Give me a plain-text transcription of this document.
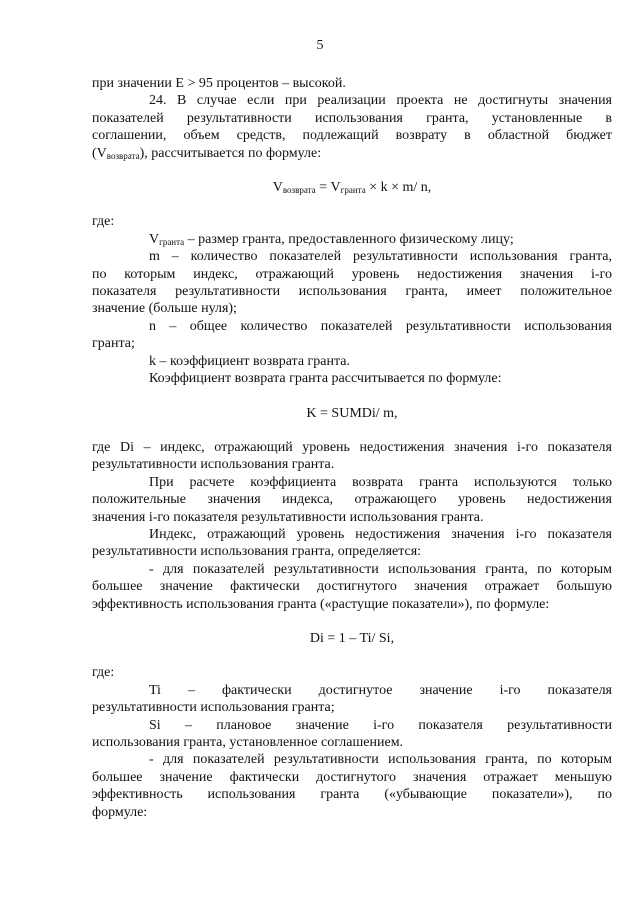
5

при значении E > 95 процентов – высокой.

24. В случае если при реализации проекта не достигнуты значения

показателей результативности использования гранта, установленные в

соглашении, объем средств, подлежащий возврату в областной бюджет

$(V_{возврата})$, рассчитывается по формуле:

$V_{возврата} = V_{гранта} \times k \times m/$ n,

где:

$V_{гранта}$ – размер гранта, предоставленного физическому лицу;

m – количество показателей результативности использования гранта,

по которым индекс, отражающий уровень недостижения значения i-го

показателя результативности использования гранта, имеет положительное

значение (больше нуля);

n – общее количество показателей результативности использования

гранта;

k – коэффициент возврата гранта.

Коэффициент возврата гранта рассчитывается по формуле:

K = SUMDi/ m,

где Di – индекс, отражающий уровень недостижения значения i-го показателя

результативности использования гранта.

При расчете коэффициента возврата гранта используются только

положительные значения индекса, отражающего уровень недостижения

значения i-го показателя результативности использования гранта.

Индекс, отражающий уровень недостижения значения i-го показателя

результативности использования гранта, определяется:

- для показателей результативности использования гранта, по которым

большее значение фактически достигнутого значения отражает большую

эффективность использования гранта («растущие показатели»), по формуле:

Di = 1 – Ti/ Si,

где:

Ti – фактически достигнутое значение i-го показателя

результативности использования гранта;

Si – плановое значение i-го показателя результативности

использования гранта, установленное соглашением.

- для показателей результативности использования гранта, по которым

большее значение фактически достигнутого значения отражает меньшую

эффективность использования гранта («убывающие показатели»), по

формуле:
